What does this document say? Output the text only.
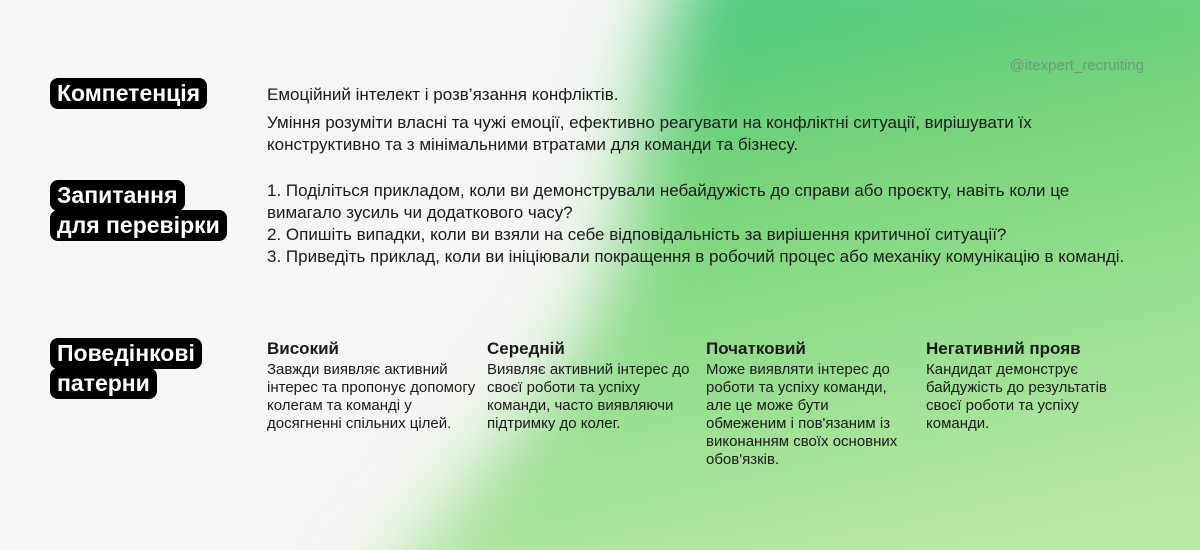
@itexpert_recruiting
Компетенція	Емоційний інтелект і розв’язання конфліктів.
Уміння розуміти власні та чужі емоції, ефективно реагувати на конфліктні ситуації, вирішувати їх конструктивно та з мінімальними втратами для команди та бізнесу.
Запитання
для перевірки
1. Поділіться прикладом, коли ви демонстрували небайдужість до справи або проєкту, навіть коли це вимагало зусиль чи додаткового часу?
2. Опишіть випадки, коли ви взяли на себе відповідальність за вирішення критичної ситуації?
3. Приведіть приклад, коли ви ініціювали покращення в робочий процес або механіку комунікацію в команді.
Поведінкові
патерни
Високий

Завжди виявляє активний інтерес та пропонує допомогу колегам та команді у досягненні спільних цілей.

Середній

Виявляє активний інтерес до своєї роботи та успіху команди, часто виявляючи підтримку до колег.

Початковий

Може виявляти інтерес до роботи та успіху команди, але це може бути обмеженим і пов'язаним із виконанням своїх основних обов'язків.

Негативний прояв

Кандидат демонструє байдужість до результатів своєї роботи та успіху команди.
